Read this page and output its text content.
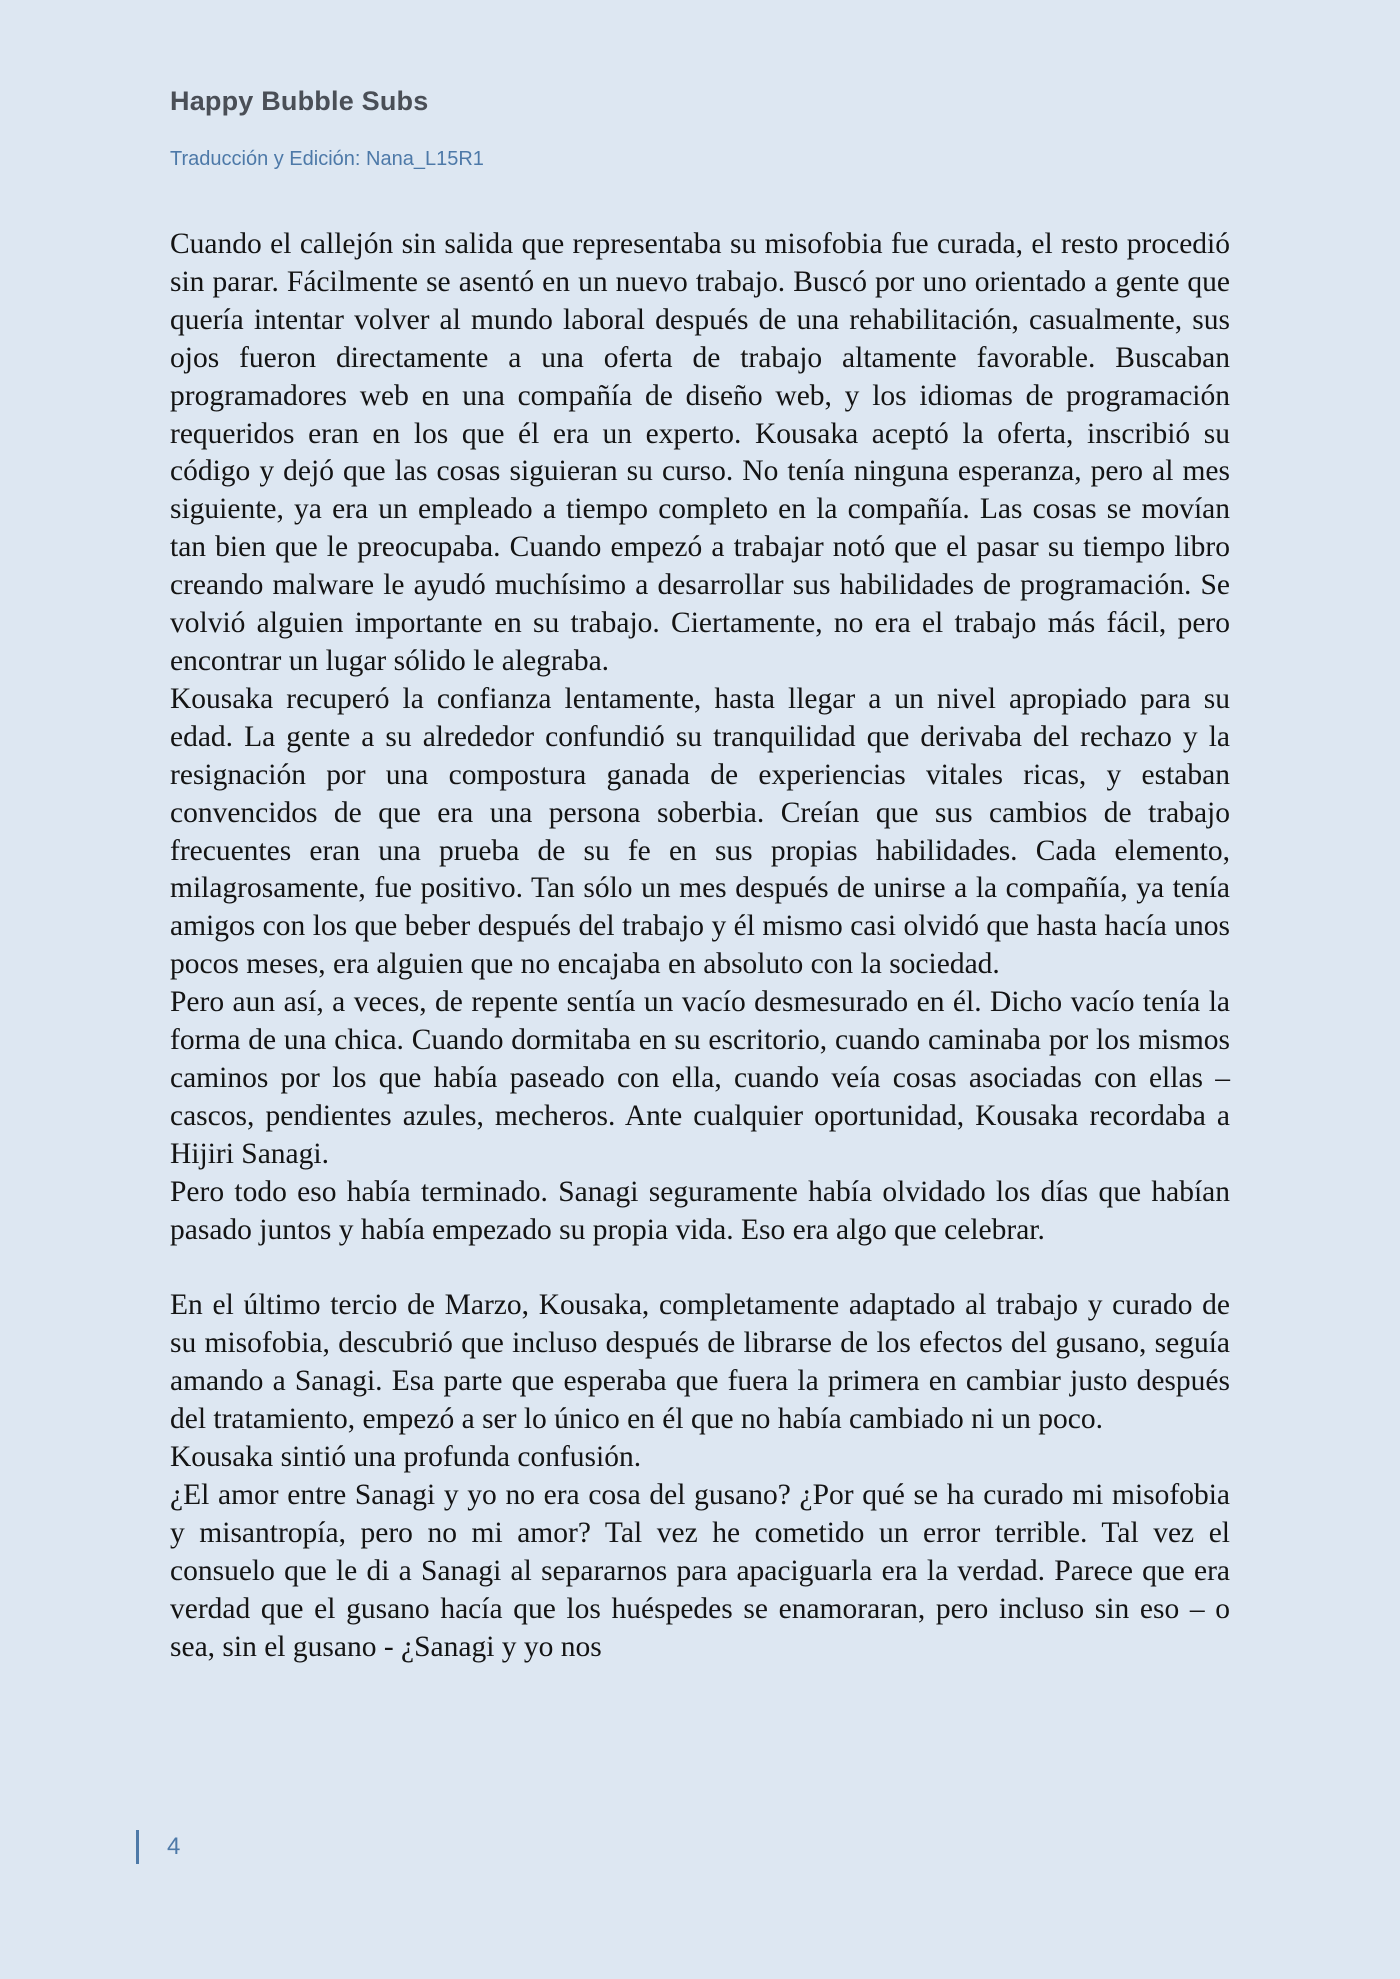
Happy Bubble Subs
Traducción y Edición: Nana_L15R1

Cuando el callejón sin salida que representaba su misofobia fue curada, el resto procedió sin parar. Fácilmente se asentó en un nuevo trabajo. Buscó por uno orientado a gente que quería intentar volver al mundo laboral después de una rehabilitación, casualmente, sus ojos fueron directamente a una oferta de trabajo altamente favorable. Buscaban programadores web en una compañía de diseño web, y los idiomas de programación requeridos eran en los que él era un experto. Kousaka aceptó la oferta, inscribió su código y dejó que las cosas siguieran su curso. No tenía ninguna esperanza, pero al mes siguiente, ya era un empleado a tiempo completo en la compañía. Las cosas se movían tan bien que le preocupaba. Cuando empezó a trabajar notó que el pasar su tiempo libro creando malware le ayudó muchísimo a desarrollar sus habilidades de programación. Se volvió alguien importante en su trabajo. Ciertamente, no era el trabajo más fácil, pero encontrar un lugar sólido le alegraba.

Kousaka recuperó la confianza lentamente, hasta llegar a un nivel apropiado para su edad. La gente a su alrededor confundió su tranquilidad que derivaba del rechazo y la resignación por una compostura ganada de experiencias vitales ricas, y estaban convencidos de que era una persona soberbia. Creían que sus cambios de trabajo frecuentes eran una prueba de su fe en sus propias habilidades. Cada elemento, milagrosamente, fue positivo. Tan sólo un mes después de unirse a la compañía, ya tenía amigos con los que beber después del trabajo y él mismo casi olvidó que hasta hacía unos pocos meses, era alguien que no encajaba en absoluto con la sociedad.

Pero aun así, a veces, de repente sentía un vacío desmesurado en él. Dicho vacío tenía la forma de una chica. Cuando dormitaba en su escritorio, cuando caminaba por los mismos caminos por los que había paseado con ella, cuando veía cosas asociadas con ellas – cascos, pendientes azules, mecheros. Ante cualquier oportunidad, Kousaka recordaba a Hijiri Sanagi.

Pero todo eso había terminado. Sanagi seguramente había olvidado los días que habían pasado juntos y había empezado su propia vida. Eso era algo que celebrar.

En el último tercio de Marzo, Kousaka, completamente adaptado al trabajo y curado de su misofobia, descubrió que incluso después de librarse de los efectos del gusano, seguía amando a Sanagi. Esa parte que esperaba que fuera la primera en cambiar justo después del tratamiento, empezó a ser lo único en él que no había cambiado ni un poco.

Kousaka sintió una profunda confusión.

¿El amor entre Sanagi y yo no era cosa del gusano? ¿Por qué se ha curado mi misofobia y misantropía, pero no mi amor? Tal vez he cometido un error terrible. Tal vez el consuelo que le di a Sanagi al separarnos para apaciguarla era la verdad. Parece que era verdad que el gusano hacía que los huéspedes se enamoraran, pero incluso sin eso – o sea, sin el gusano - ¿Sanagi y yo nos

4
